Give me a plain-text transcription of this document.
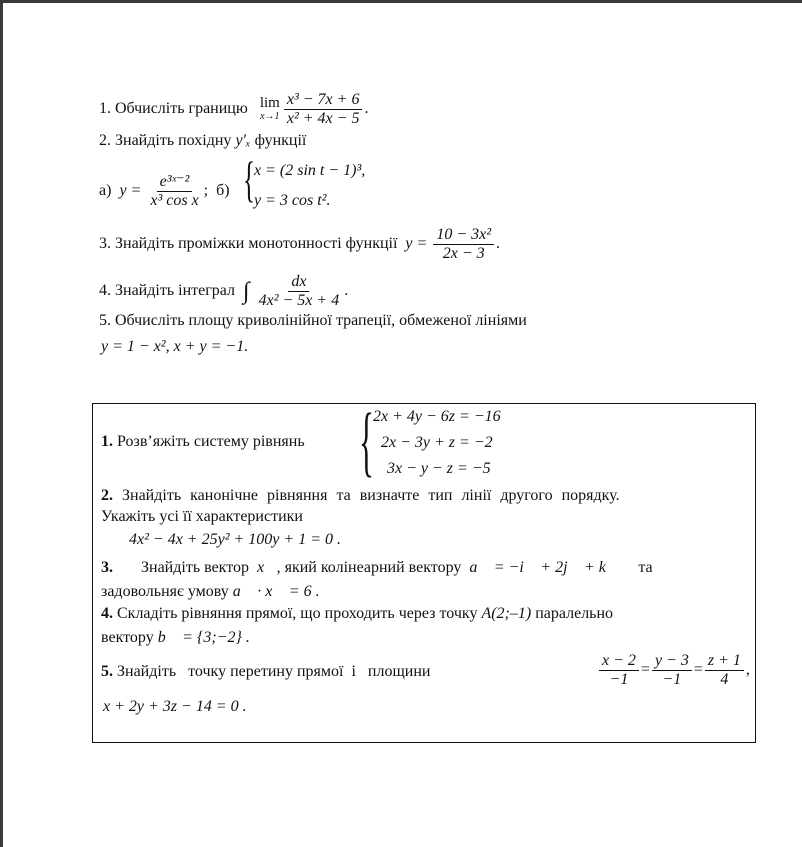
1. Обчисліть границю lim
$x\to 1 \frac{\text{x³ − 7x + 6}}{\text{x² + 4x − 5}}$ .
2. Знайдіть похідну y′ₓ функції
а) $y = \frac{\text{e³ˣ⁻²}}{\text{x³ cos x}}$ ; б) { x = (2 sin t − 1)³,
y = 3 cos t².
3. Знайдіть проміжки монотонності функції $y = \frac{\text{10 − 3x²}}{2x - 3}$ .
4. Знайдіть інтеграл ∫ $\frac{dx}{\text{4x² − 5x + 4}}$ .
5. Обчисліть площу криволінійної трапеції, обмеженої лініями
y = 1 − x², x + y = −1.
1. Розв’яжіть систему рівнянь { 2x + 4y − 6z = −16
2x − 3y + z = −2
3x − y − z = −5
2. Знайдіть канонічне рівняння та визначте тип лінії другого порядку.
Укажіть усі її характеристики
4x² − 4x + 25y² + 100y + 1 = 0 .
3. Знайдіть вектор x⃗, який колінеарний вектору a⃗ = −i⃗ + 2j⃗ + k⃗ та
задовольняє умову a⃗ · x⃗ = 6 .
4. Складіть рівняння прямої, що проходить через точку A(2;–1) паралельно
вектору b⃗ = {3;−2} .
5. Знайдіть   точку перетину прямої  і   площини	$\frac{x - 2}{-1} = \frac{y - 3}{-1} = \frac{z + 1}{4}$ ,
x + 2y + 3z − 14 = 0 .
